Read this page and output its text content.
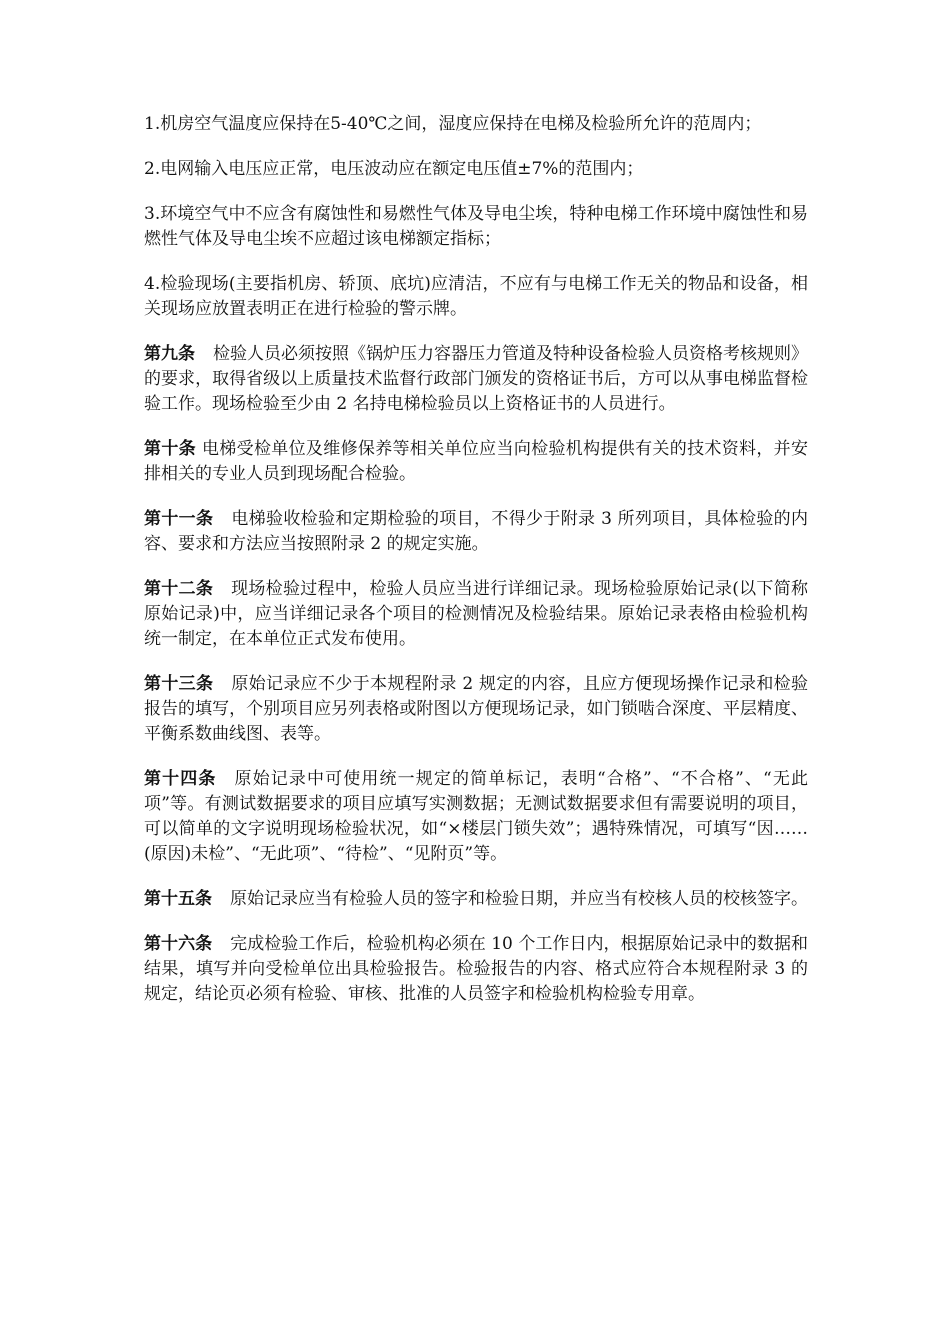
1.机房空气温度应保持在5-40℃之间，湿度应保持在电梯及检验所允许的范周内；

2.电网输入电压应正常，电压波动应在额定电压值±7%的范围内；

3.环境空气中不应含有腐蚀性和易燃性气体及导电尘埃，特种电梯工作环境中腐蚀性和易燃性气体及导电尘埃不应超过该电梯额定指标；

4.检验现场(主要指机房、轿顶、底坑)应清洁，不应有与电梯工作无关的物品和设备，相关现场应放置表明正在进行检验的警示牌。

第九条 检验人员必须按照《锅炉压力容器压力管道及特种设备检验人员资格考核规则》的要求，取得省级以上质量技术监督行政部门颁发的资格证书后，方可以从事电梯监督检验工作。现场检验至少由 2 名持电梯检验员以上资格证书的人员进行。

第十条 电梯受检单位及维修保养等相关单位应当向检验机构提供有关的技术资料，并安排相关的专业人员到现场配合检验。

第十一条 电梯验收检验和定期检验的项目，不得少于附录 3 所列项目，具体检验的内容、要求和方法应当按照附录 2 的规定实施。

第十二条 现场检验过程中，检验人员应当进行详细记录。现场检验原始记录(以下简称原始记录)中，应当详细记录各个项目的检测情况及检验结果。原始记录表格由检验机构统一制定，在本单位正式发布使用。

第十三条 原始记录应不少于本规程附录 2 规定的内容，且应方便现场操作记录和检验报告的填写，个别项目应另列表格或附图以方便现场记录，如门锁啮合深度、平层精度、平衡系数曲线图、表等。

第十四条 原始记录中可使用统一规定的简单标记，表明“合格”、“不合格”、“无此项”等。有测试数据要求的项目应填写实测数据；无测试数据要求但有需要说明的项目，可以简单的文字说明现场检验状况，如“×楼层门锁失效”；遇特殊情况，可填写“因……(原因)未检”、“无此项”、“待检”、“见附页”等。

第十五条 原始记录应当有检验人员的签字和检验日期，并应当有校核人员的校核签字。

第十六条 完成检验工作后，检验机构必须在 10 个工作日内，根据原始记录中的数据和结果，填写并向受检单位出具检验报告。检验报告的内容、格式应符合本规程附录 3 的规定，结论页必须有检验、审核、批准的人员签字和检验机构检验专用章。
